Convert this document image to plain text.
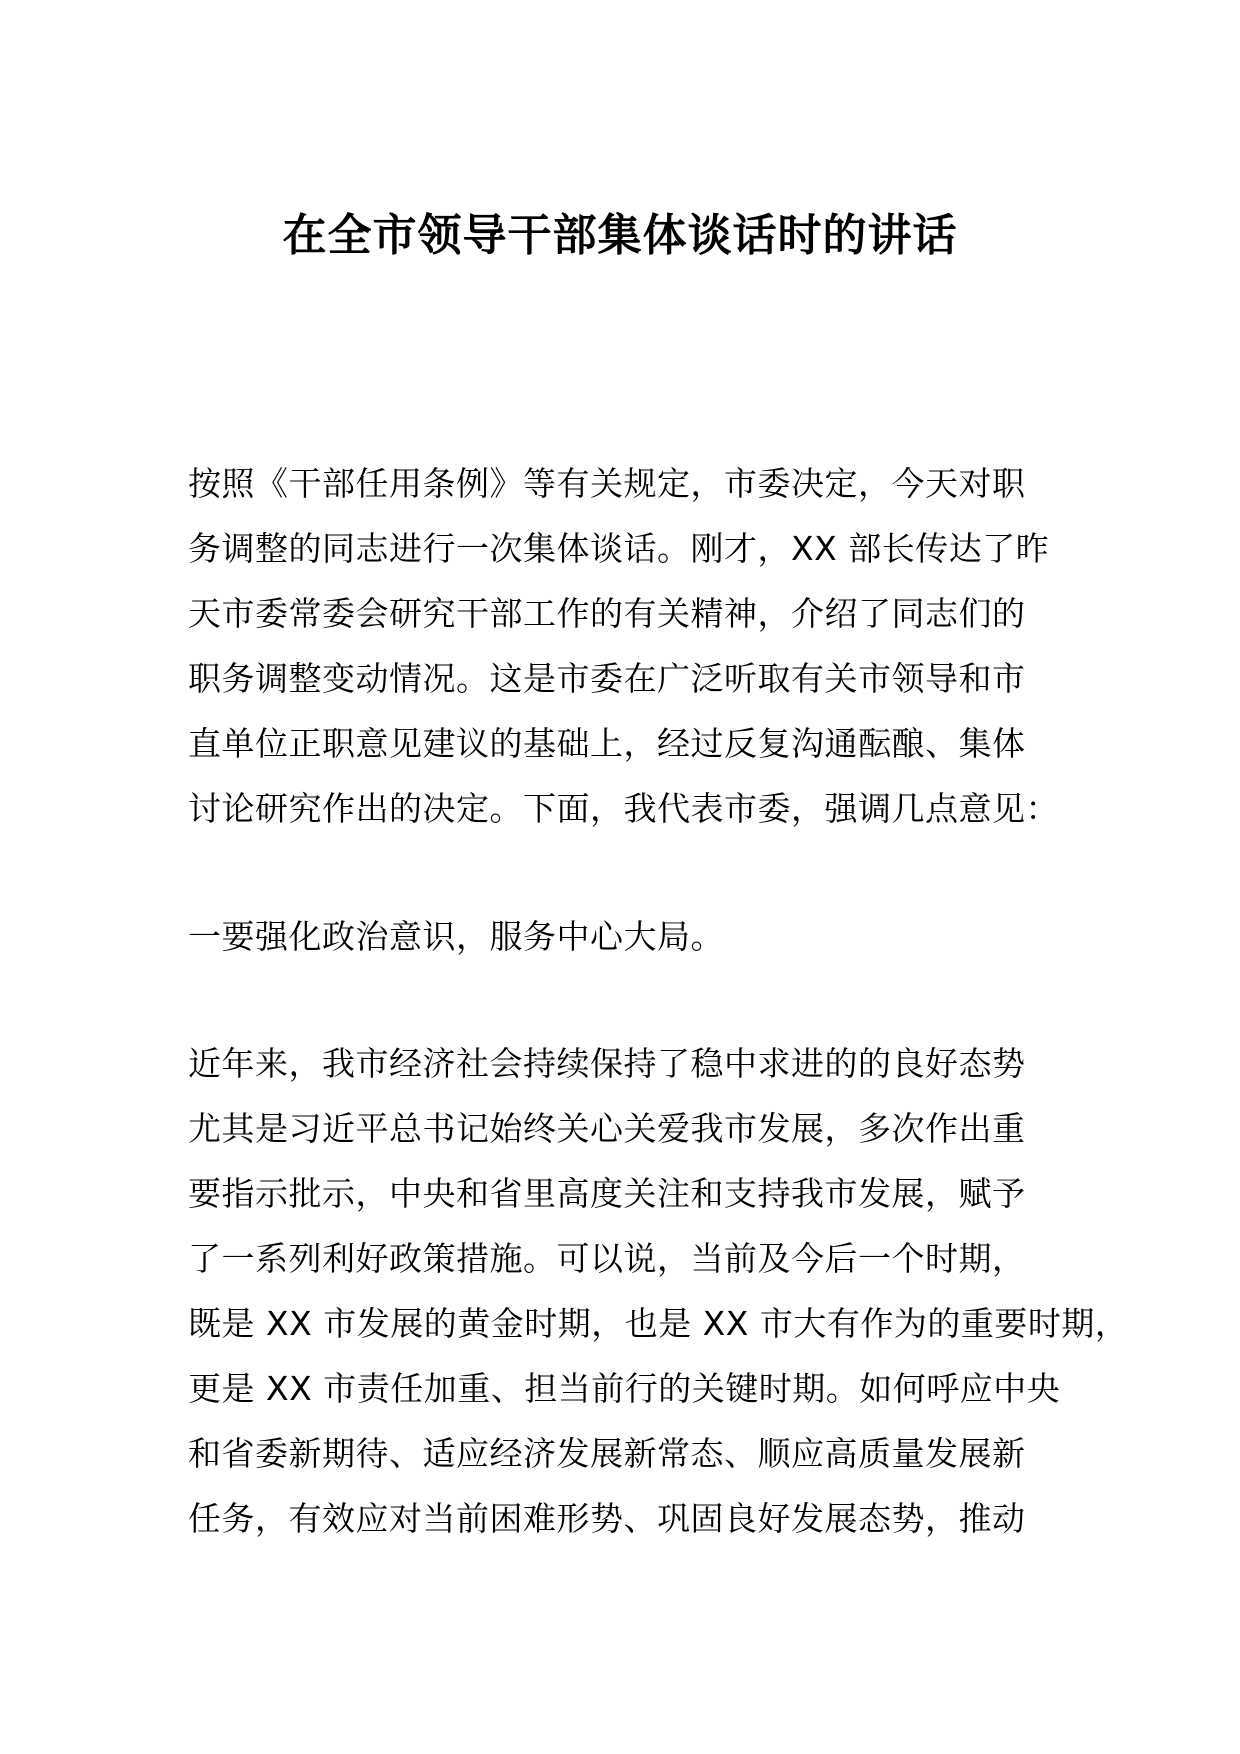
在全市领导干部集体谈话时的讲话
按照《干部任用条例》等有关规定，市委决定，今天对职
务调整的同志进行一次集体谈话。刚才，XX 部长传达了昨
天市委常委会研究干部工作的有关精神，介绍了同志们的
职务调整变动情况。这是市委在广泛听取有关市领导和市
直单位正职意见建议的基础上，经过反复沟通酝酿、集体
讨论研究作出的决定。下面，我代表市委，强调几点意见：
一要强化政治意识，服务中心大局。
近年来，我市经济社会持续保持了稳中求进的的良好态势
尤其是习近平总书记始终关心关爱我市发展，多次作出重
要指示批示，中央和省里高度关注和支持我市发展，赋予
了一系列利好政策措施。可以说，当前及今后一个时期，
既是 XX 市发展的黄金时期，也是 XX 市大有作为的重要时期，
更是 XX 市责任加重、担当前行的关键时期。如何呼应中央
和省委新期待、适应经济发展新常态、顺应高质量发展新
任务，有效应对当前困难形势、巩固良好发展态势，推动
